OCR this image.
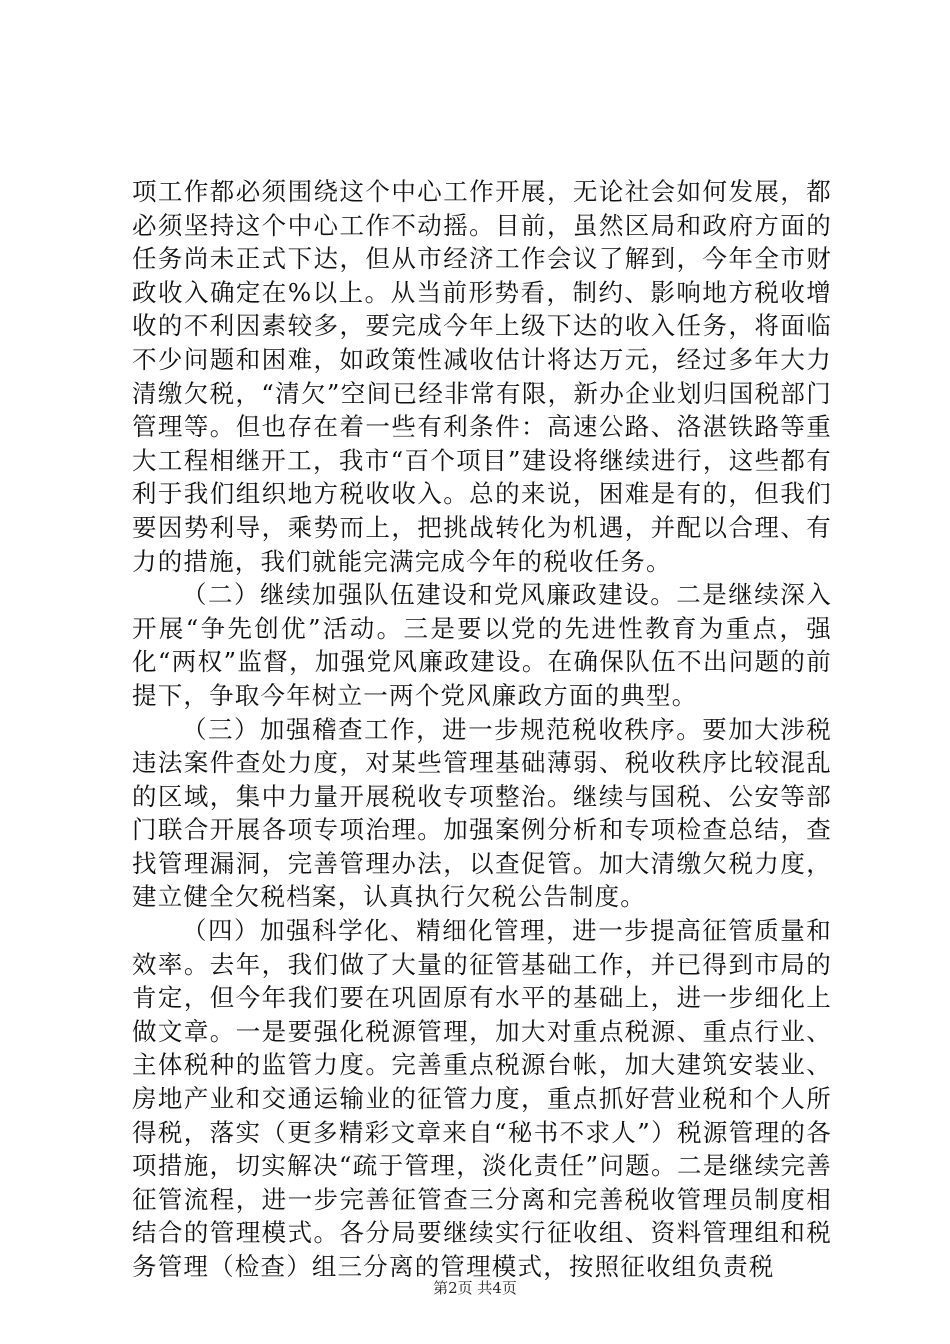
项工作都必须围绕这个中心工作开展，无论社会如何发展，都必须坚持这个中心工作不动摇。目前，虽然区局和政府方面的任务尚未正式下达，但从市经济工作会议了解到，今年全市财政收入确定在%以上。从当前形势看，制约、影响地方税收增收的不利因素较多，要完成今年上级下达的收入任务，将面临不少问题和困难，如政策性减收估计将达万元，经过多年大力清缴欠税，“清欠”空间已经非常有限，新办企业划归国税部门管理等。但也存在着一些有利条件：高速公路、洛湛铁路等重大工程相继开工，我市“百个项目”建设将继续进行，这些都有利于我们组织地方税收收入。总的来说，困难是有的，但我们要因势利导，乘势而上，把挑战转化为机遇，并配以合理、有力的措施，我们就能完满完成今年的税收任务。

（二）继续加强队伍建设和党风廉政建设。二是继续深入开展“争先创优”活动。三是要以党的先进性教育为重点，强化“两权”监督，加强党风廉政建设。在确保队伍不出问题的前提下，争取今年树立一两个党风廉政方面的典型。

（三）加强稽查工作，进一步规范税收秩序。要加大涉税违法案件查处力度，对某些管理基础薄弱、税收秩序比较混乱的区域，集中力量开展税收专项整治。继续与国税、公安等部门联合开展各项专项治理。加强案例分析和专项检查总结，查找管理漏洞，完善管理办法，以查促管。加大清缴欠税力度，建立健全欠税档案，认真执行欠税公告制度。

（四）加强科学化、精细化管理，进一步提高征管质量和效率。去年，我们做了大量的征管基础工作，并已得到市局的肯定，但今年我们要在巩固原有水平的基础上，进一步细化上做文章。一是要强化税源管理，加大对重点税源、重点行业、主体税种的监管力度。完善重点税源台帐，加大建筑安装业、房地产业和交通运输业的征管力度，重点抓好营业税和个人所得税，落实（更多精彩文章来自“秘书不求人”）税源管理的各项措施，切实解决“疏于管理，淡化责任”问题。二是继续完善征管流程，进一步完善征管查三分离和完善税收管理员制度相结合的管理模式。各分局要继续实行征收组、资料管理组和税务管理（检查）组三分离的管理模式，按照征收组负责税

第2页 共4页
